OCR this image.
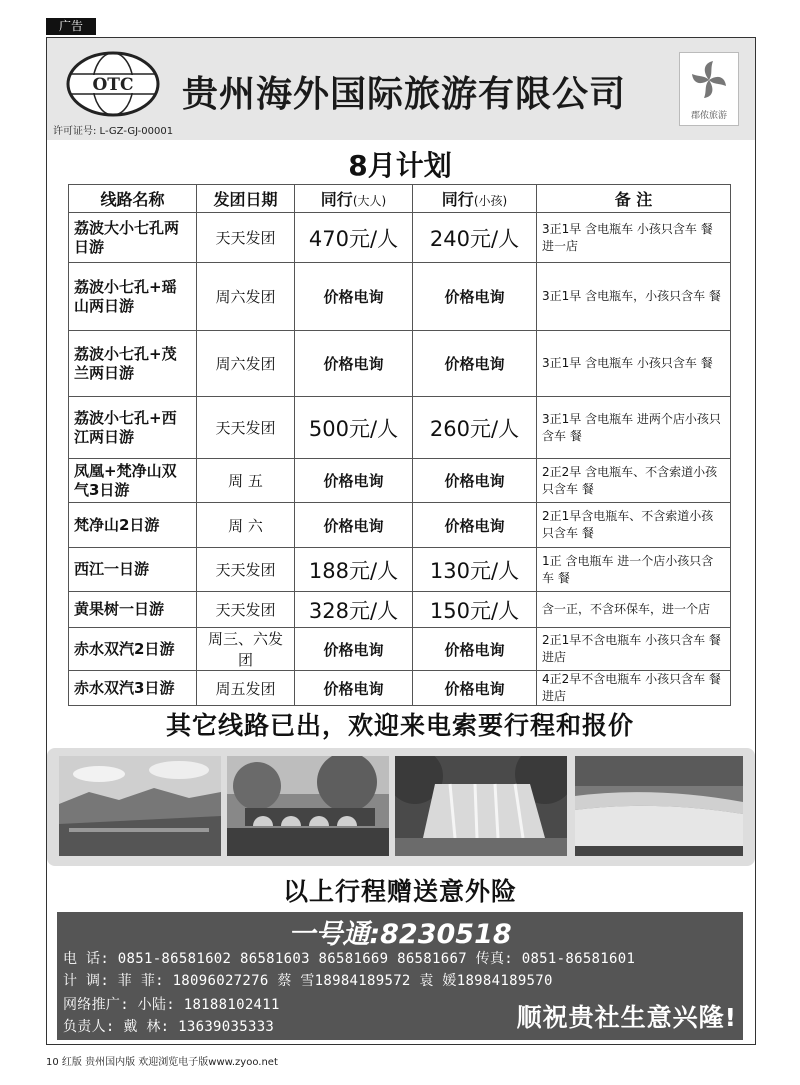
广告
OTC 贵州海外国际旅游有限公司
郡侬旅游
许可证号: L-GZ-GJ-00001
8月计划
线路名称	发团日期	同行(大人)	同行(小孩)	备 注
荔波大小七孔两日游	天天发团	470元/人	240元/人	3正1早 含电瓶车 小孩只含车 餐 进一店
荔波小七孔+瑶山两日游	周六发团	价格电询	价格电询	3正1早 含电瓶车，小孩只含车 餐
荔波小七孔+茂兰两日游	周六发团	价格电询	价格电询	3正1早 含电瓶车 小孩只含车 餐
荔波小七孔+西江两日游	天天发团	500元/人	260元/人	3正1早 含电瓶车 进两个店小孩只含车 餐
凤凰+梵净山双气3日游	周 五	价格电询	价格电询	2正2早 含电瓶车、不含索道小孩只含车 餐
梵净山2日游	周 六	价格电询	价格电询	2正1早含电瓶车、不含索道小孩只含车 餐
西江一日游	天天发团	188元/人	130元/人	1正 含电瓶车 进一个店小孩只含车 餐
黄果树一日游	天天发团	328元/人	150元/人	含一正，不含环保车，进一个店
赤水双汽2日游	周三、六发团	价格电询	价格电询	2正1早不含电瓶车 小孩只含车 餐进店
赤水双汽3日游	周五发团	价格电询	价格电询	4正2早不含电瓶车 小孩只含车 餐进店
其它线路已出，欢迎来电索要行程和报价
以上行程赠送意外险
一号通:8230518
电 话: 0851-86581602 86581603 86581669 86581667 传真: 0851-86581601
计 调: 菲 菲: 18096027276 蔡 雪18984189572 袁 媛18984189570
网络推广: 小陆: 18188102411
负责人: 戴 林: 13639035333	顺祝贵社生意兴隆!
10 红版 贵州国内版 欢迎浏览电子版www.zyoo.net
